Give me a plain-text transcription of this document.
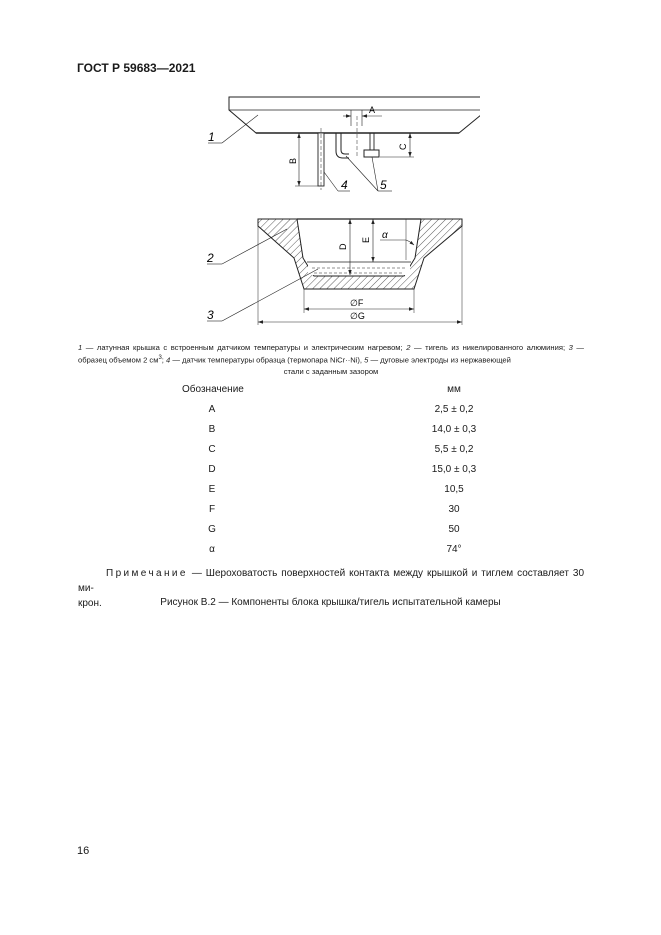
ГОСТ Р 59683—2021
A
C
B
1
4	5
D
E α
∅F
∅G
2
3
1 — латунная крышка с встроенным датчиком температуры и электрическим нагревом; 2 — тигель из никелированного алюминия; 3 — образец объемом 2 $см^3$; 4 — датчик температуры образца (термопара NiCr··Ni), 5 — дуговые электроды из нержавеющей
стали с заданным зазором
Обозначение	мм
A	2,5 ± 0,2
B	14,0 ± 0,3
C	5,5 ± 0,2
D	15,0 ± 0,3
E	10,5
F	30
G	50
α	74°
Примечание — Шероховатость поверхностей контакта между крышкой и тиглем составляет 30 ми-
крон.	Рисунок В.2 — Компоненты блока крышка/тигель испытательной камеры
16
